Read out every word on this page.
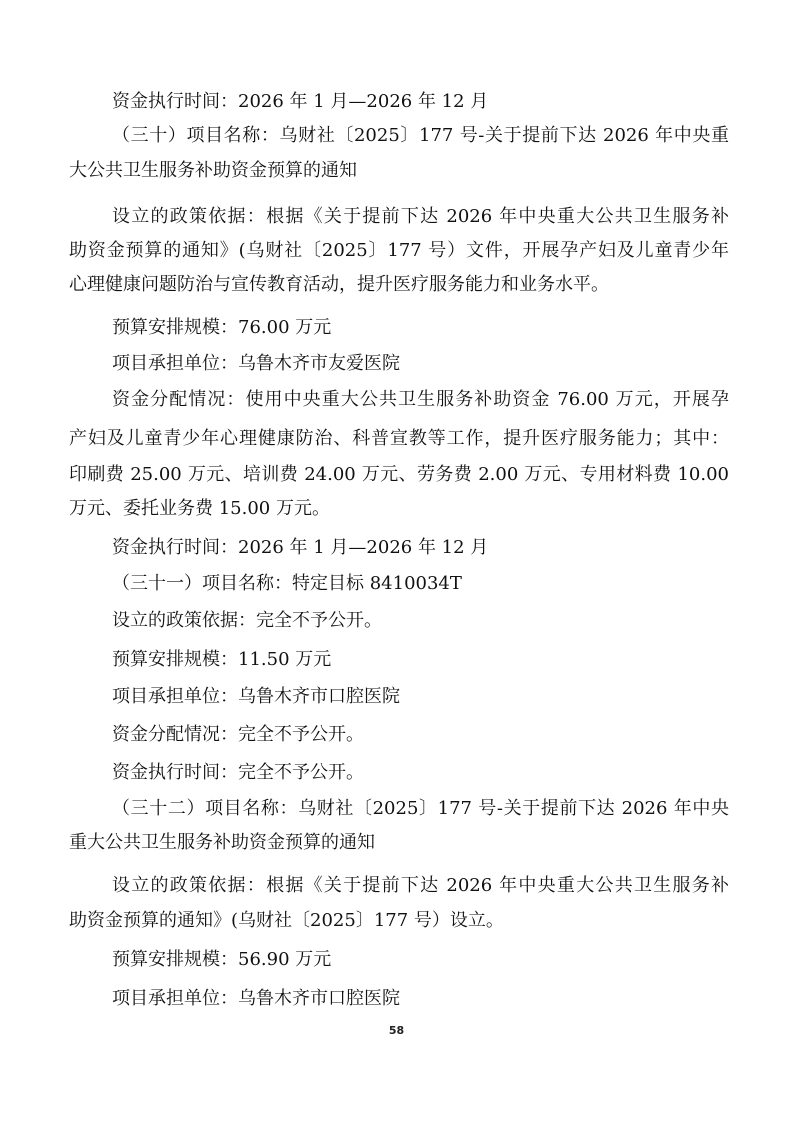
资金执行时间：2026 年 1 月—2026 年 12 月
（三十）项目名称：乌财社〔2025〕177 号-关于提前下达 2026 年中央重
大公共卫生服务补助资金预算的通知
设立的政策依据：根据《关于提前下达 2026 年中央重大公共卫生服务补
助资金预算的通知》(乌财社〔2025〕177 号）文件，开展孕产妇及儿童青少年
心理健康问题防治与宣传教育活动，提升医疗服务能力和业务水平。
预算安排规模：76.00 万元
项目承担单位：乌鲁木齐市友爱医院
资金分配情况：使用中央重大公共卫生服务补助资金 76.00 万元，开展孕
产妇及儿童青少年心理健康防治、科普宣教等工作，提升医疗服务能力；其中：
印刷费 25.00 万元、培训费 24.00 万元、劳务费 2.00 万元、专用材料费 10.00
万元、委托业务费 15.00 万元。
资金执行时间：2026 年 1 月—2026 年 12 月
（三十一）项目名称：特定目标 8410034T
设立的政策依据：完全不予公开。
预算安排规模：11.50 万元
项目承担单位：乌鲁木齐市口腔医院
资金分配情况：完全不予公开。
资金执行时间：完全不予公开。
（三十二）项目名称：乌财社〔2025〕177 号-关于提前下达 2026 年中央
重大公共卫生服务补助资金预算的通知
设立的政策依据：根据《关于提前下达 2026 年中央重大公共卫生服务补
助资金预算的通知》(乌财社〔2025〕177 号）设立。
预算安排规模：56.90 万元
项目承担单位：乌鲁木齐市口腔医院
58
